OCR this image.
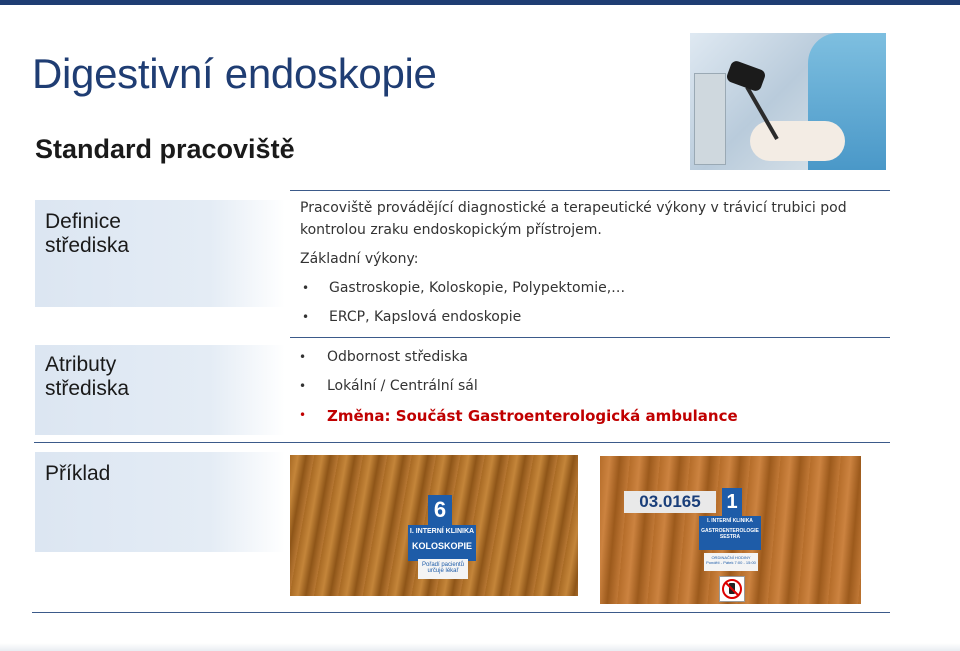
Digestivní endoskopie
Standard pracoviště
Definice
střediska
Pracoviště provádějící diagnostické a terapeutické výkony v trávicí trubici pod
kontrolou zraku endoskopickým přístrojem.
Základní výkony:
• Gastroskopie, Koloskopie, Polypektomie,…
• ERCP, Kapslová endoskopie
Atributy
střediska
• Odbornost střediska
• Lokální / Centrální sál
• Změna: Součást Gastroenterologická ambulance
Příklad
6
I. INTERNÍ KLINIKA
KOLOSKOPIE
Pořadí pacientů
určuje lékař
03.0165	1
I. INTERNÍ KLINIKA
GASTROENTEROLOGIE
SESTRA
ORDINAČNÍ HODINY
Pondělí - Pátek 7:00 - 15:00
